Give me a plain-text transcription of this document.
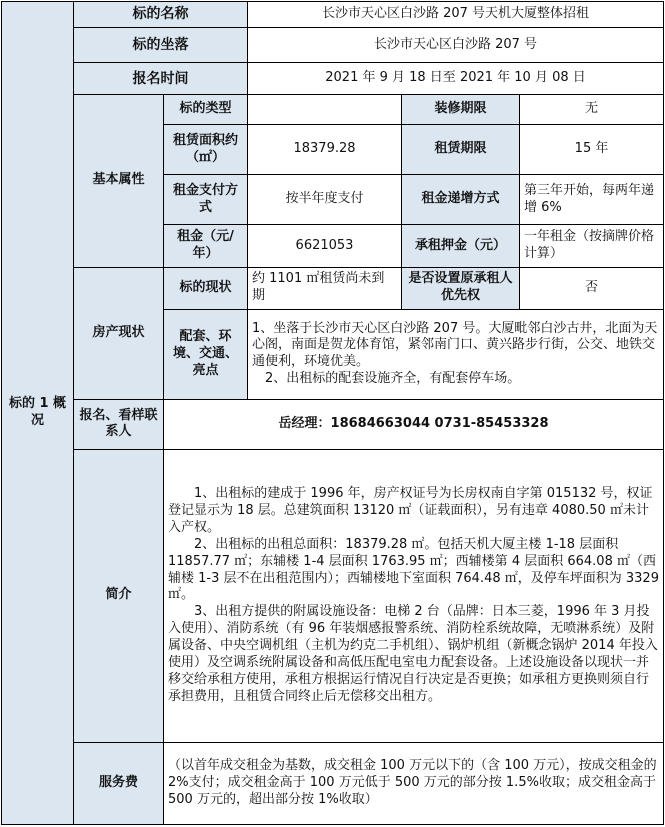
标的 1 概况	标的名称		长沙市天心区白沙路 207 号天机大厦整体招租		
	标的坐落		长沙市天心区白沙路 207 号		
	报名时间		2021 年 9 月 18 日至 2021 年 10 月 08 日		
	基本属性	标的类型		装修期限	无
		租赁面积约（㎡）	18379.28	租赁期限	15 年
		租金支付方式	按半年度支付	租金递增方式	第三年开始，每两年递增 6%
		租金（元/年）	6621053	承租押金（元）	一年租金（按摘牌价格计算）
	房产现状	标的现状	约 1101 ㎡租赁尚未到期	是否设置原承租人优先权	否
		配套、环境、交通、亮点	1、坐落于长沙市天心区白沙路 207 号。大厦毗邻白沙古井，北面为天心阁，南面是贺龙体育馆，紧邻南门口、黄兴路步行街，公交、地铁交通便利，环境优美。

2、出租标的配套设施齐全，有配套停车场。		

	报名、看样联系人	岳经理：18684663044 0731-85453328			
	简介	1、出租标的建成于 1996 年，房产权证号为长房权南自字第 015132 号，权证登记显示为 18 层。总建筑面积 13120 ㎡（证载面积），另有违章 4080.50 ㎡未计入产权。

2、出租标的出租总面积：18379.28 ㎡。包括天机大厦主楼 1-18 层面积 11857.77 ㎡；东辅楼 1-4 层面积 1763.95 ㎡；西辅楼第 4 层面积 664.08 ㎡（西辅楼 1-3 层不在出租范围内）；西辅楼地下室面积 764.48 ㎡，及停车坪面积为 3329 ㎡。

3、出租方提供的附属设施设备：电梯 2 台（品牌：日本三菱，1996 年 3 月投入使用）、消防系统（有 96 年装烟感报警系统、消防栓系统故障，无喷淋系统）及附属设备、中央空调机组（主机为约克二手机组）、锅炉机组（新概念锅炉 2014 年投入使用）及空调系统附属设备和高低压配电室电力配套设备。上述设施设备以现状一并移交给承租方使用，承租方根据运行情况自行决定是否更换；如承租方更换则须自行承担费用，且租赁合同终止后无偿移交出租方。			

	服务费	（以首年成交租金为基数，成交租金 100 万元以下的（含 100 万元），按成交租金的 2%支付；成交租金高于 100 万元低于 500 万元的部分按 1.5%收取；成交租金高于 500 万元的，超出部分按 1%收取）			
